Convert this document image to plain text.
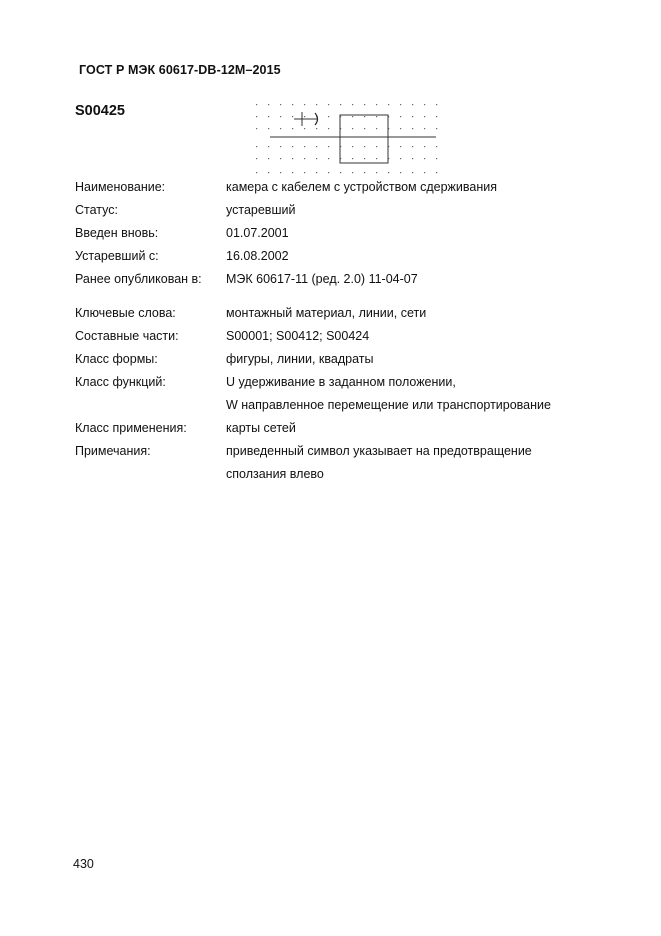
ГОСТ Р МЭК 60617-DB-12M–2015
S00425
Наименование:	камера с кабелем с устройством сдерживания
Статус:	устаревший
Введен вновь:	01.07.2001
Устаревший с:	16.08.2002
Ранее опубликован в: МЭК 60617-11 (ред. 2.0) 11-04-07
Ключевые слова:	монтажный материал, линии, сети
Составные части:	S00001; S00412; S00424
Класс формы:	фигуры, линии, квадраты
Класс функций:	U удерживание в заданном положении,
W направленное перемещение или транспортирование
Класс применения:	карты сетей
Примечания:	приведенный символ указывает на предотвращение
сползания влево
430
